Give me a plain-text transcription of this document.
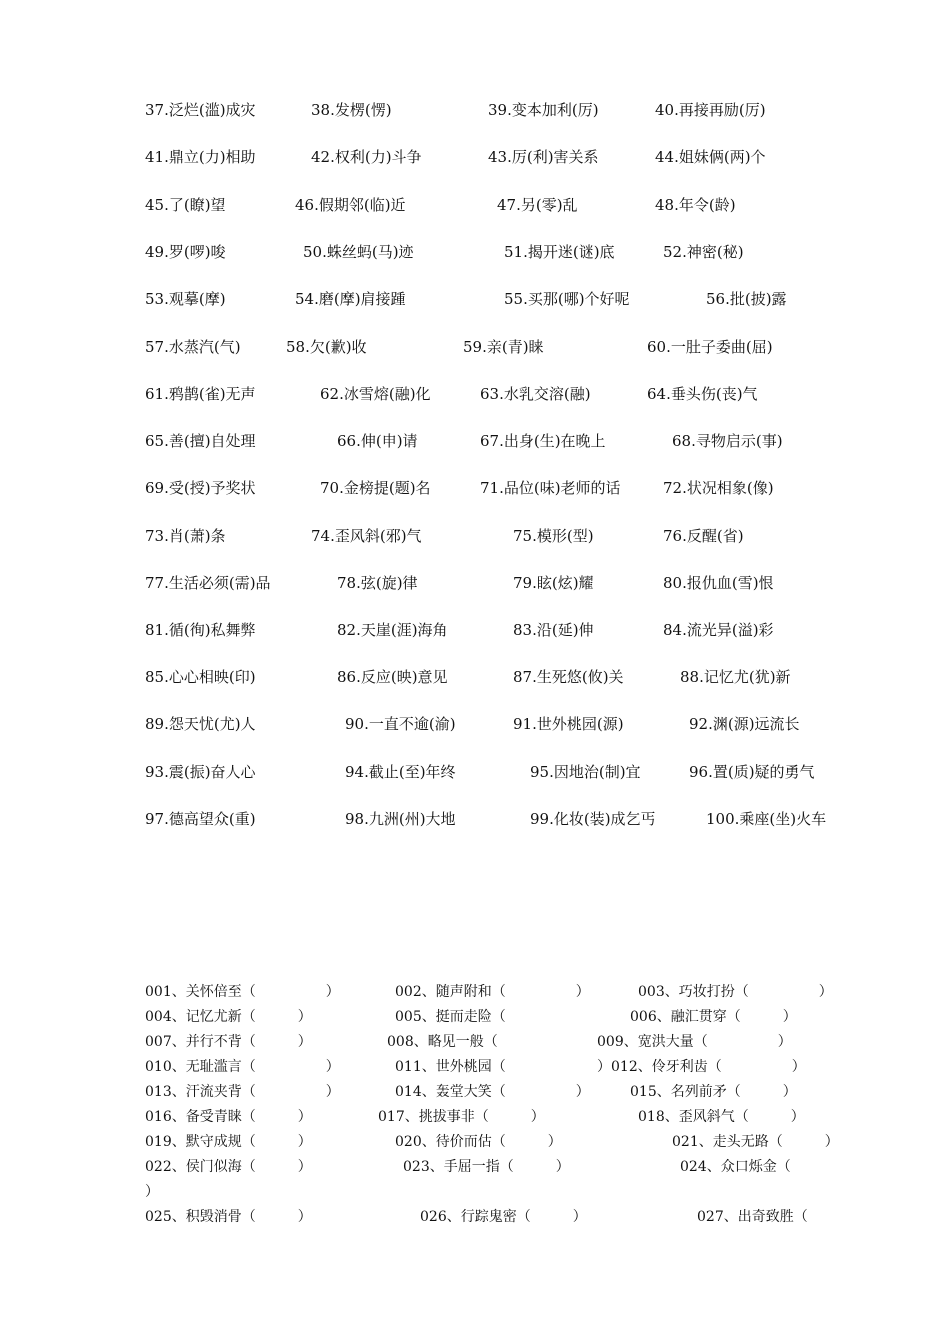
37.泛烂(滥)成灾	38.发楞(愣)	39.变本加利(厉)	40.再接再励(厉)
41.鼎立(力)相助	42.权利(力)斗争	43.厉(利)害关系	44.姐妹俩(两)个
45.了(瞭)望	46.假期邻(临)近	47.另(零)乱	48.年令(龄)
49.罗(啰)唆	50.蛛丝蚂(马)迹	51.揭开迷(谜)底	52.神密(秘)
53.观摹(摩)	54.磨(摩)肩接踵	55.买那(哪)个好呢	56.批(披)露
57.水蒸汽(气)	58.欠(歉)收	59.亲(青)睐	60.一肚子委曲(屈)
61.鸦鹊(雀)无声	62.冰雪熔(融)化	63.水乳交溶(融)	64.垂头伤(丧)气
65.善(擅)自处理	66.伸(申)请	67.出身(生)在晚上	68.寻物启示(事)
69.受(授)予奖状	70.金榜提(题)名	71.品位(味)老师的话	72.状况相象(像)
73.肖(萧)条	74.歪风斜(邪)气	75.模形(型)	76.反醒(省)
77.生活必须(需)品	78.弦(旋)律	79.眩(炫)耀	80.报仇血(雪)恨
81.循(徇)私舞弊	82.天崖(涯)海角	83.沿(延)伸	84.流光异(溢)彩
85.心心相映(印)	86.反应(映)意见	87.生死悠(攸)关	88.记忆尤(犹)新
89.怨天忧(尤)人	90.一直不逾(渝)	91.世外桃园(源)	92.渊(源)远流长
93.震(振)奋人心	94.截止(至)年终	95.因地治(制)宜	96.置(质)疑的勇气
97.德高望众(重)	98.九洲(州)大地	99.化妆(装)成乞丐	100.乘座(坐)火车
001、关怀倍至（　　　　　）	002、随声附和（　　　　　）	003、巧妆打扮（　　　　　）
004、记忆尤新（　　　）	005、挺而走险（	006、融汇贯穿（　　　）
007、并行不背（　　　）	008、略见一般（	009、宽洪大量（　　　　　）
010、无耻滥言（　　　　　）	011、世外桃园（	）012、伶牙利齿（　　　　　）
013、汗流夹背（　　　　　）	014、轰堂大笑（　　　　　）	015、名列前矛（　　　）
016、备受青睐（　　　）	017、挑拔事非（　　　）	018、歪风斜气（　　　）
019、默守成规（　　　）	020、待价而估（　　　）	021、走头无路（　　　）
022、侯门似海（　　　）	023、手屈一指（　　　）	024、众口烁金（
）
025、积毁消骨（　　　）	026、行踪鬼密（　　　）	027、出奇致胜（
